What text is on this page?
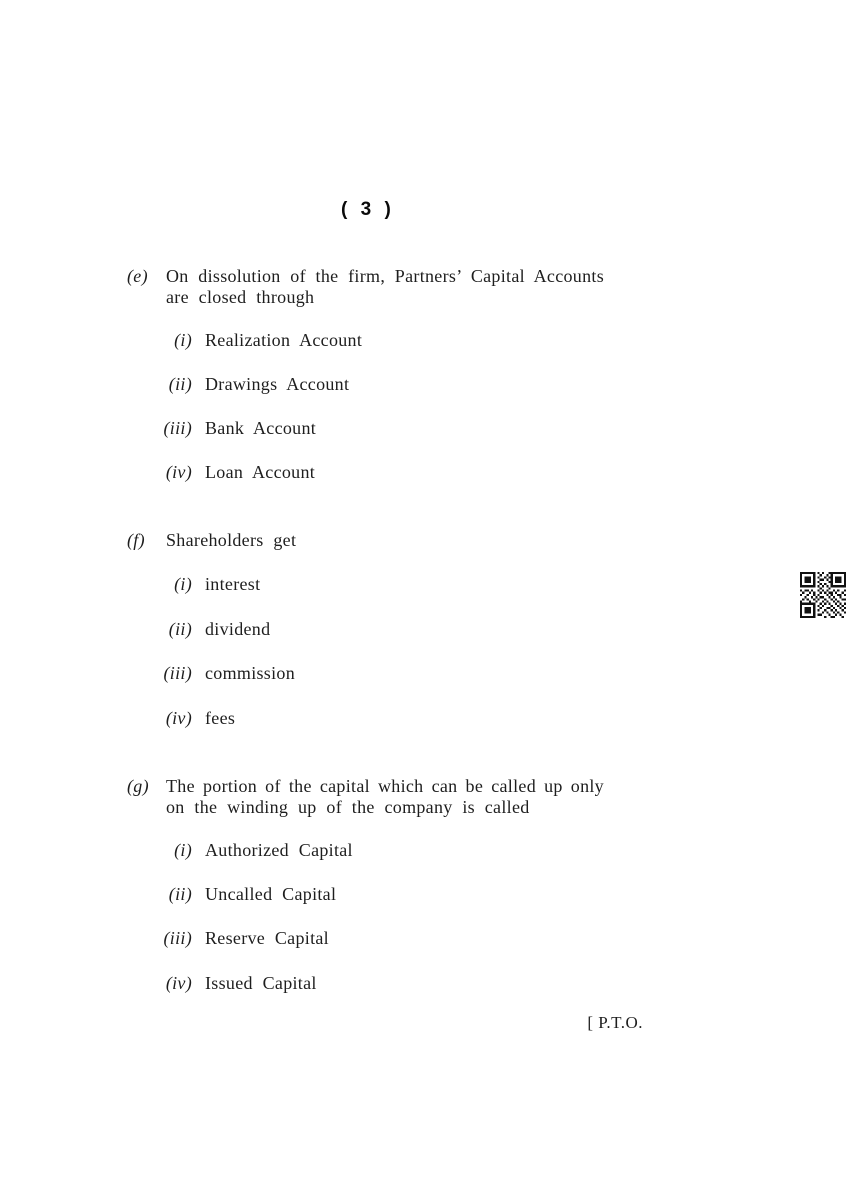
( 3 )
(e) On dissolution of the firm, Partners’ Capital Accounts
are closed through
(i) Realization Account
(ii) Drawings Account
(iii) Bank Account
(iv) Loan Account
(f) Shareholders get
(i) interest
(ii) dividend
(iii) commission
(iv) fees
(g) The portion of the capital which can be called up only
on the winding up of the company is called
(i) Authorized Capital
(ii) Uncalled Capital
(iii) Reserve Capital
(iv) Issued Capital
[ P.T.O.
